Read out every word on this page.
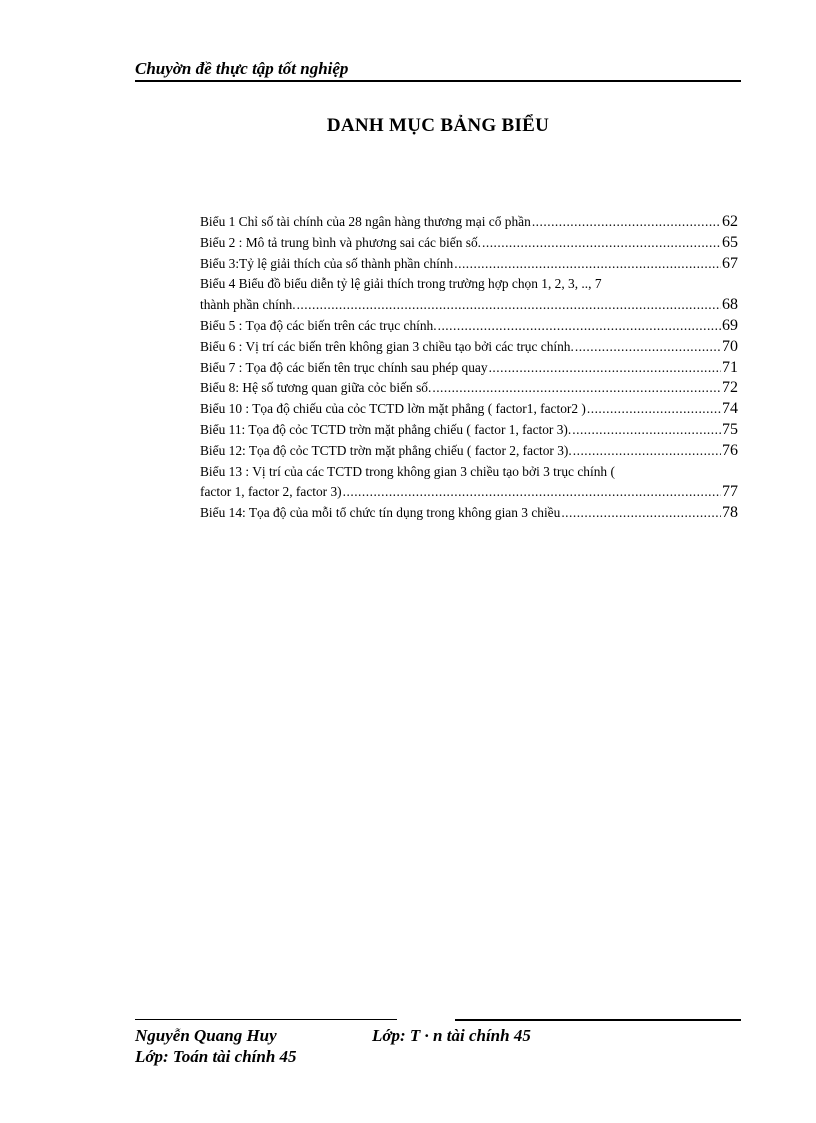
Chuyờn đề thực tập tốt nghiệp
DANH MỤC BẢNG BIỂU
Biểu 1 Chỉ số tài chính của 28 ngân hàng thương mại cổ phần .....	62
Biểu 2 : Mô tả trung bình và phương sai các biến số. .....	65
Biểu 3:Tỷ lệ giải thích của số thành phần chính .....	67
Biểu 4 Biểu đồ biểu diễn tỷ lệ giải thích trong trường hợp chọn 1, 2, 3, .., 7
thành phần chính. .....	68
Biểu 5 : Tọa độ các biến trên các trục chính. .....	69
Biểu 6 : Vị trí các biến trên không gian 3 chiều tạo bởi các trục chính. .....	70
Biểu 7 : Tọa độ các biến tên trục chính sau phép quay .....	71
Biểu 8: Hệ số tương quan giữa cỏc biến số. .....	72
Biểu 10 : Tọa độ chiếu của cỏc TCTD lờn mặt phẳng ( factor1, factor2 ) .....	74
Biểu 11: Tọa độ cỏc TCTD trờn mặt phẳng chiếu ( factor 1, factor 3). .....	75
Biểu 12: Tọa độ cỏc TCTD trờn mặt phẳng chiếu ( factor 2, factor 3). .....	76
Biểu 13 : Vị trí của các TCTD trong không gian 3 chiều tạo bởi 3 trục chính (
factor 1, factor 2, factor 3) .....	77
Biểu 14: Tọa độ của mỗi tổ chức tín dụng trong không gian 3 chiều .....	78
Nguyễn Quang Huy	Lớp: T · n tài chính 45
Lớp: Toán tài chính 45
